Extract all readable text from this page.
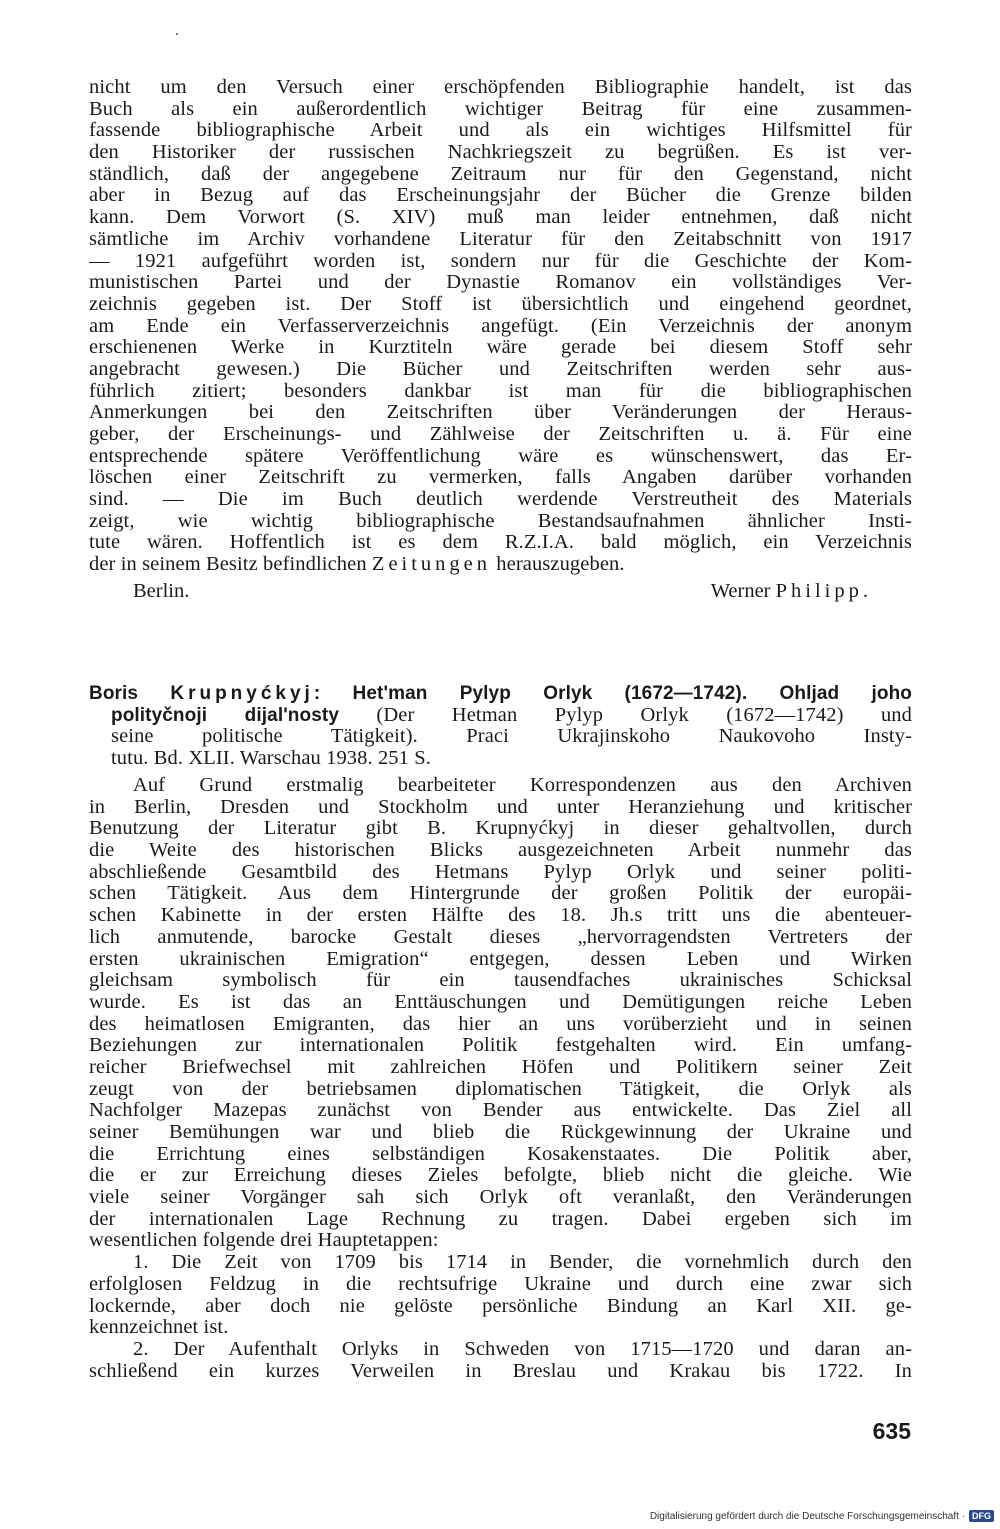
nicht um den Versuch einer erschöpfenden Bibliographie handelt, ist das
Buch als ein außerordentlich wichtiger Beitrag für eine zusammen-
fassende bibliographische Arbeit und als ein wichtiges Hilfsmittel für
den Historiker der russischen Nachkriegszeit zu begrüßen. Es ist ver-
ständlich, daß der angegebene Zeitraum nur für den Gegenstand, nicht
aber in Bezug auf das Erscheinungsjahr der Bücher die Grenze bilden
kann. Dem Vorwort (S. XIV) muß man leider entnehmen, daß nicht
sämtliche im Archiv vorhandene Literatur für den Zeitabschnitt von 1917
— 1921 aufgeführt worden ist, sondern nur für die Geschichte der Kom-
munistischen Partei und der Dynastie Romanov ein vollständiges Ver-
zeichnis gegeben ist. Der Stoff ist übersichtlich und eingehend geordnet,
am Ende ein Verfasserverzeichnis angefügt. (Ein Verzeichnis der anonym
erschienenen Werke in Kurztiteln wäre gerade bei diesem Stoff sehr
angebracht gewesen.) Die Bücher und Zeitschriften werden sehr aus-
führlich zitiert; besonders dankbar ist man für die bibliographischen
Anmerkungen bei den Zeitschriften über Veränderungen der Heraus-
geber, der Erscheinungs- und Zählweise der Zeitschriften u. ä. Für eine
entsprechende spätere Veröffentlichung wäre es wünschenswert, das Er-
löschen einer Zeitschrift zu vermerken, falls Angaben darüber vorhanden
sind. — Die im Buch deutlich werdende Verstreutheit des Materials
zeigt, wie wichtig bibliographische Bestandsaufnahmen ähnlicher Insti-
tute wären. Hoffentlich ist es dem R.Z.I.A. bald möglich, ein Verzeichnis
der in seinem Besitz befindlichen Zeitungen herauszugeben.
Berlin.	Werner Philipp.
Boris Krupnyćkyj: Het'man Pylyp Orlyk (1672—1742). Ohljad joho
polityčnoji dijal'nosty (Der Hetman Pylyp Orlyk (1672—1742) und
seine politische Tätigkeit). Praci Ukrajinskoho Naukovoho Insty-
tutu. Bd. XLII. Warschau 1938. 251 S.
Auf Grund erstmalig bearbeiteter Korrespondenzen aus den Archiven
in Berlin, Dresden und Stockholm und unter Heranziehung und kritischer
Benutzung der Literatur gibt B. Krupnyćkyj in dieser gehaltvollen, durch
die Weite des historischen Blicks ausgezeichneten Arbeit nunmehr das
abschließende Gesamtbild des Hetmans Pylyp Orlyk und seiner politi-
schen Tätigkeit. Aus dem Hintergrunde der großen Politik der europäi-
schen Kabinette in der ersten Hälfte des 18. Jh.s tritt uns die abenteuer-
lich anmutende, barocke Gestalt dieses „hervorragendsten Vertreters der
ersten ukrainischen Emigration“ entgegen, dessen Leben und Wirken
gleichsam symbolisch für ein tausendfaches ukrainisches Schicksal
wurde. Es ist das an Enttäuschungen und Demütigungen reiche Leben
des heimatlosen Emigranten, das hier an uns vorüberzieht und in seinen
Beziehungen zur internationalen Politik festgehalten wird. Ein umfang-
reicher Briefwechsel mit zahlreichen Höfen und Politikern seiner Zeit
zeugt von der betriebsamen diplomatischen Tätigkeit, die Orlyk als
Nachfolger Mazepas zunächst von Bender aus entwickelte. Das Ziel all
seiner Bemühungen war und blieb die Rückgewinnung der Ukraine und
die Errichtung eines selbständigen Kosakenstaates. Die Politik aber,
die er zur Erreichung dieses Zieles befolgte, blieb nicht die gleiche. Wie
viele seiner Vorgänger sah sich Orlyk oft veranlaßt, den Veränderungen
der internationalen Lage Rechnung zu tragen. Dabei ergeben sich im
wesentlichen folgende drei Hauptetappen:
1. Die Zeit von 1709 bis 1714 in Bender, die vornehmlich durch den
erfolglosen Feldzug in die rechtsufrige Ukraine und durch eine zwar sich
lockernde, aber doch nie gelöste persönliche Bindung an Karl XII. ge-
kennzeichnet ist.
2. Der Aufenthalt Orlyks in Schweden von 1715—1720 und daran an-
schließend ein kurzes Verweilen in Breslau und Krakau bis 1722. In
635
Digitalisierung gefördert durch die Deutsche Forschungsgemeinschaft · DFG
